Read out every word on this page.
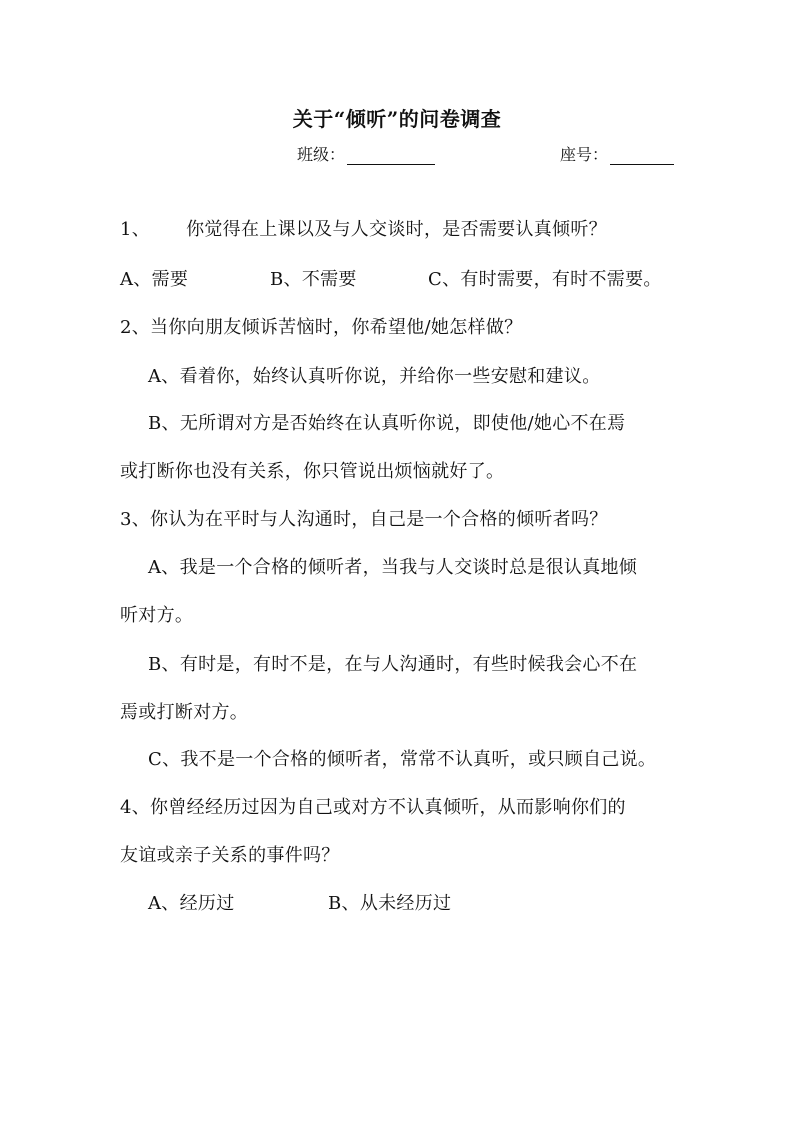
关于“倾听”的问卷调查
班级：	座号：
1、 你觉得在上课以及与人交谈时，是否需要认真倾听？
A、需要	B、不需要	C、有时需要，有时不需要。
2、当你向朋友倾诉苦恼时，你希望他/她怎样做？
A、看着你，始终认真听你说，并给你一些安慰和建议。
B、无所谓对方是否始终在认真听你说，即使他/她心不在焉
或打断你也没有关系，你只管说出烦恼就好了。
3、你认为在平时与人沟通时，自己是一个合格的倾听者吗？
A、我是一个合格的倾听者，当我与人交谈时总是很认真地倾
听对方。
B、有时是，有时不是，在与人沟通时，有些时候我会心不在
焉或打断对方。
C、我不是一个合格的倾听者，常常不认真听，或只顾自己说。
4、你曾经经历过因为自己或对方不认真倾听，从而影响你们的
友谊或亲子关系的事件吗？
A、经历过	B、从未经历过
